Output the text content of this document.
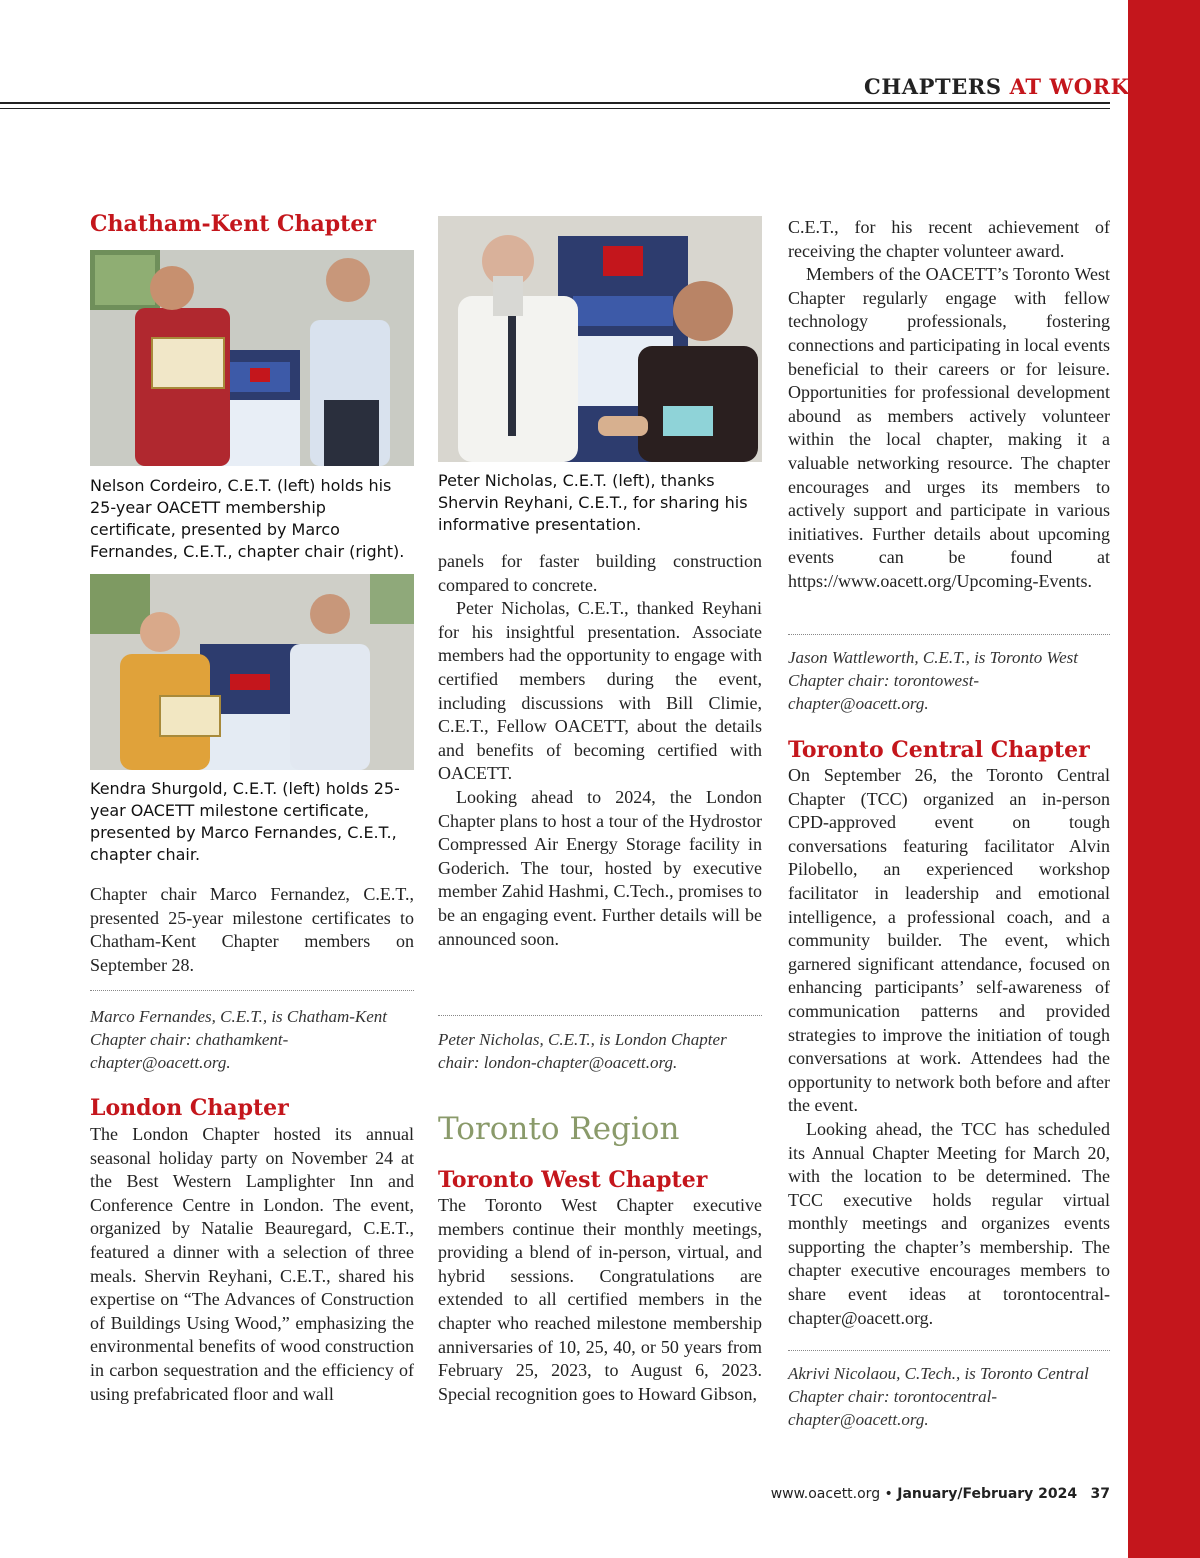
CHAPTERS AT WORK
Chatham-Kent Chapter
Nelson Cordeiro, C.E.T. (left) holds his 25-year OACETT membership certificate, presented by Marco Fernandes, C.E.T., chapter chair (right).
Kendra Shurgold, C.E.T. (left) holds 25-year OACETT milestone certificate, presented by Marco Fernandes, C.E.T., chapter chair.

Chapter chair Marco Fernandez, C.E.T., presented 25-year milestone certificates to Chatham-Kent Chapter members on September 28.

Marco Fernandes, C.E.T., is Chatham-Kent Chapter chair: chathamkent-chapter@oacett.org.
London Chapter

The London Chapter hosted its annual seasonal holiday party on November 24 at the Best Western Lamplighter Inn and Conference Centre in London. The event, organized by Natalie Beauregard, C.E.T., featured a dinner with a selection of three meals. Shervin Reyhani, C.E.T., shared his expertise on “The Advances of Construction of Buildings Using Wood,” emphasizing the environmental benefits of wood construction in carbon sequestration and the efficiency of using prefabricated floor and wall

Peter Nicholas, C.E.T. (left), thanks Shervin Reyhani, C.E.T., for sharing his informative presentation.

panels for faster building construction compared to concrete.

Peter Nicholas, C.E.T., thanked Reyhani for his insightful presentation. Associate members had the opportunity to engage with certified members during the event, including discussions with Bill Climie, C.E.T., Fellow OACETT, about the details and benefits of becoming certified with OACETT.

Looking ahead to 2024, the London Chapter plans to host a tour of the Hydrostor Compressed Air Energy Storage facility in Goderich. The tour, hosted by executive member Zahid Hashmi, C.Tech., promises to be an engaging event. Further details will be announced soon.

Peter Nicholas, C.E.T., is London Chapter chair: london-chapter@oacett.org.
Toronto Region
Toronto West Chapter

The Toronto West Chapter executive members continue their monthly meetings, providing a blend of in-person, virtual, and hybrid sessions. Congratulations are extended to all certified members in the chapter who reached milestone membership anniversaries of 10, 25, 40, or 50 years from February 25, 2023, to August 6, 2023. Special recognition goes to Howard Gibson,

C.E.T., for his recent achievement of receiving the chapter volunteer award.

Members of the OACETT’s Toronto West Chapter regularly engage with fellow technology professionals, fostering connections and participating in local events beneficial to their careers or for leisure. Opportunities for professional development abound as members actively volunteer within the local chapter, making it a valuable networking resource. The chapter encourages and urges its members to actively support and participate in various initiatives. Further details about upcoming events can be found at https://www.oacett.org/Upcoming-Events.

Jason Wattleworth, C.E.T., is Toronto West Chapter chair: torontowest-chapter@oacett.org.
Toronto Central Chapter

On September 26, the Toronto Central Chapter (TCC) organized an in-person CPD-approved event on tough conversations featuring facilitator Alvin Pilobello, an experienced workshop facilitator in leadership and emotional intelligence, a professional coach, and a community builder. The event, which garnered significant attendance, focused on enhancing participants’ self-awareness of communication patterns and provided strategies to improve the initiation of tough conversations at work. Attendees had the opportunity to network both before and after the event.

Looking ahead, the TCC has scheduled its Annual Chapter Meeting for March 20, with the location to be determined. The TCC executive holds regular virtual monthly meetings and organizes events supporting the chapter’s membership. The chapter executive encourages members to share event ideas at torontocentral-chapter@oacett.org.

Akrivi Nicolaou, C.Tech., is Toronto Central Chapter chair: torontocentral-chapter@oacett.org.
www.oacett.org • January/February 2024 37
